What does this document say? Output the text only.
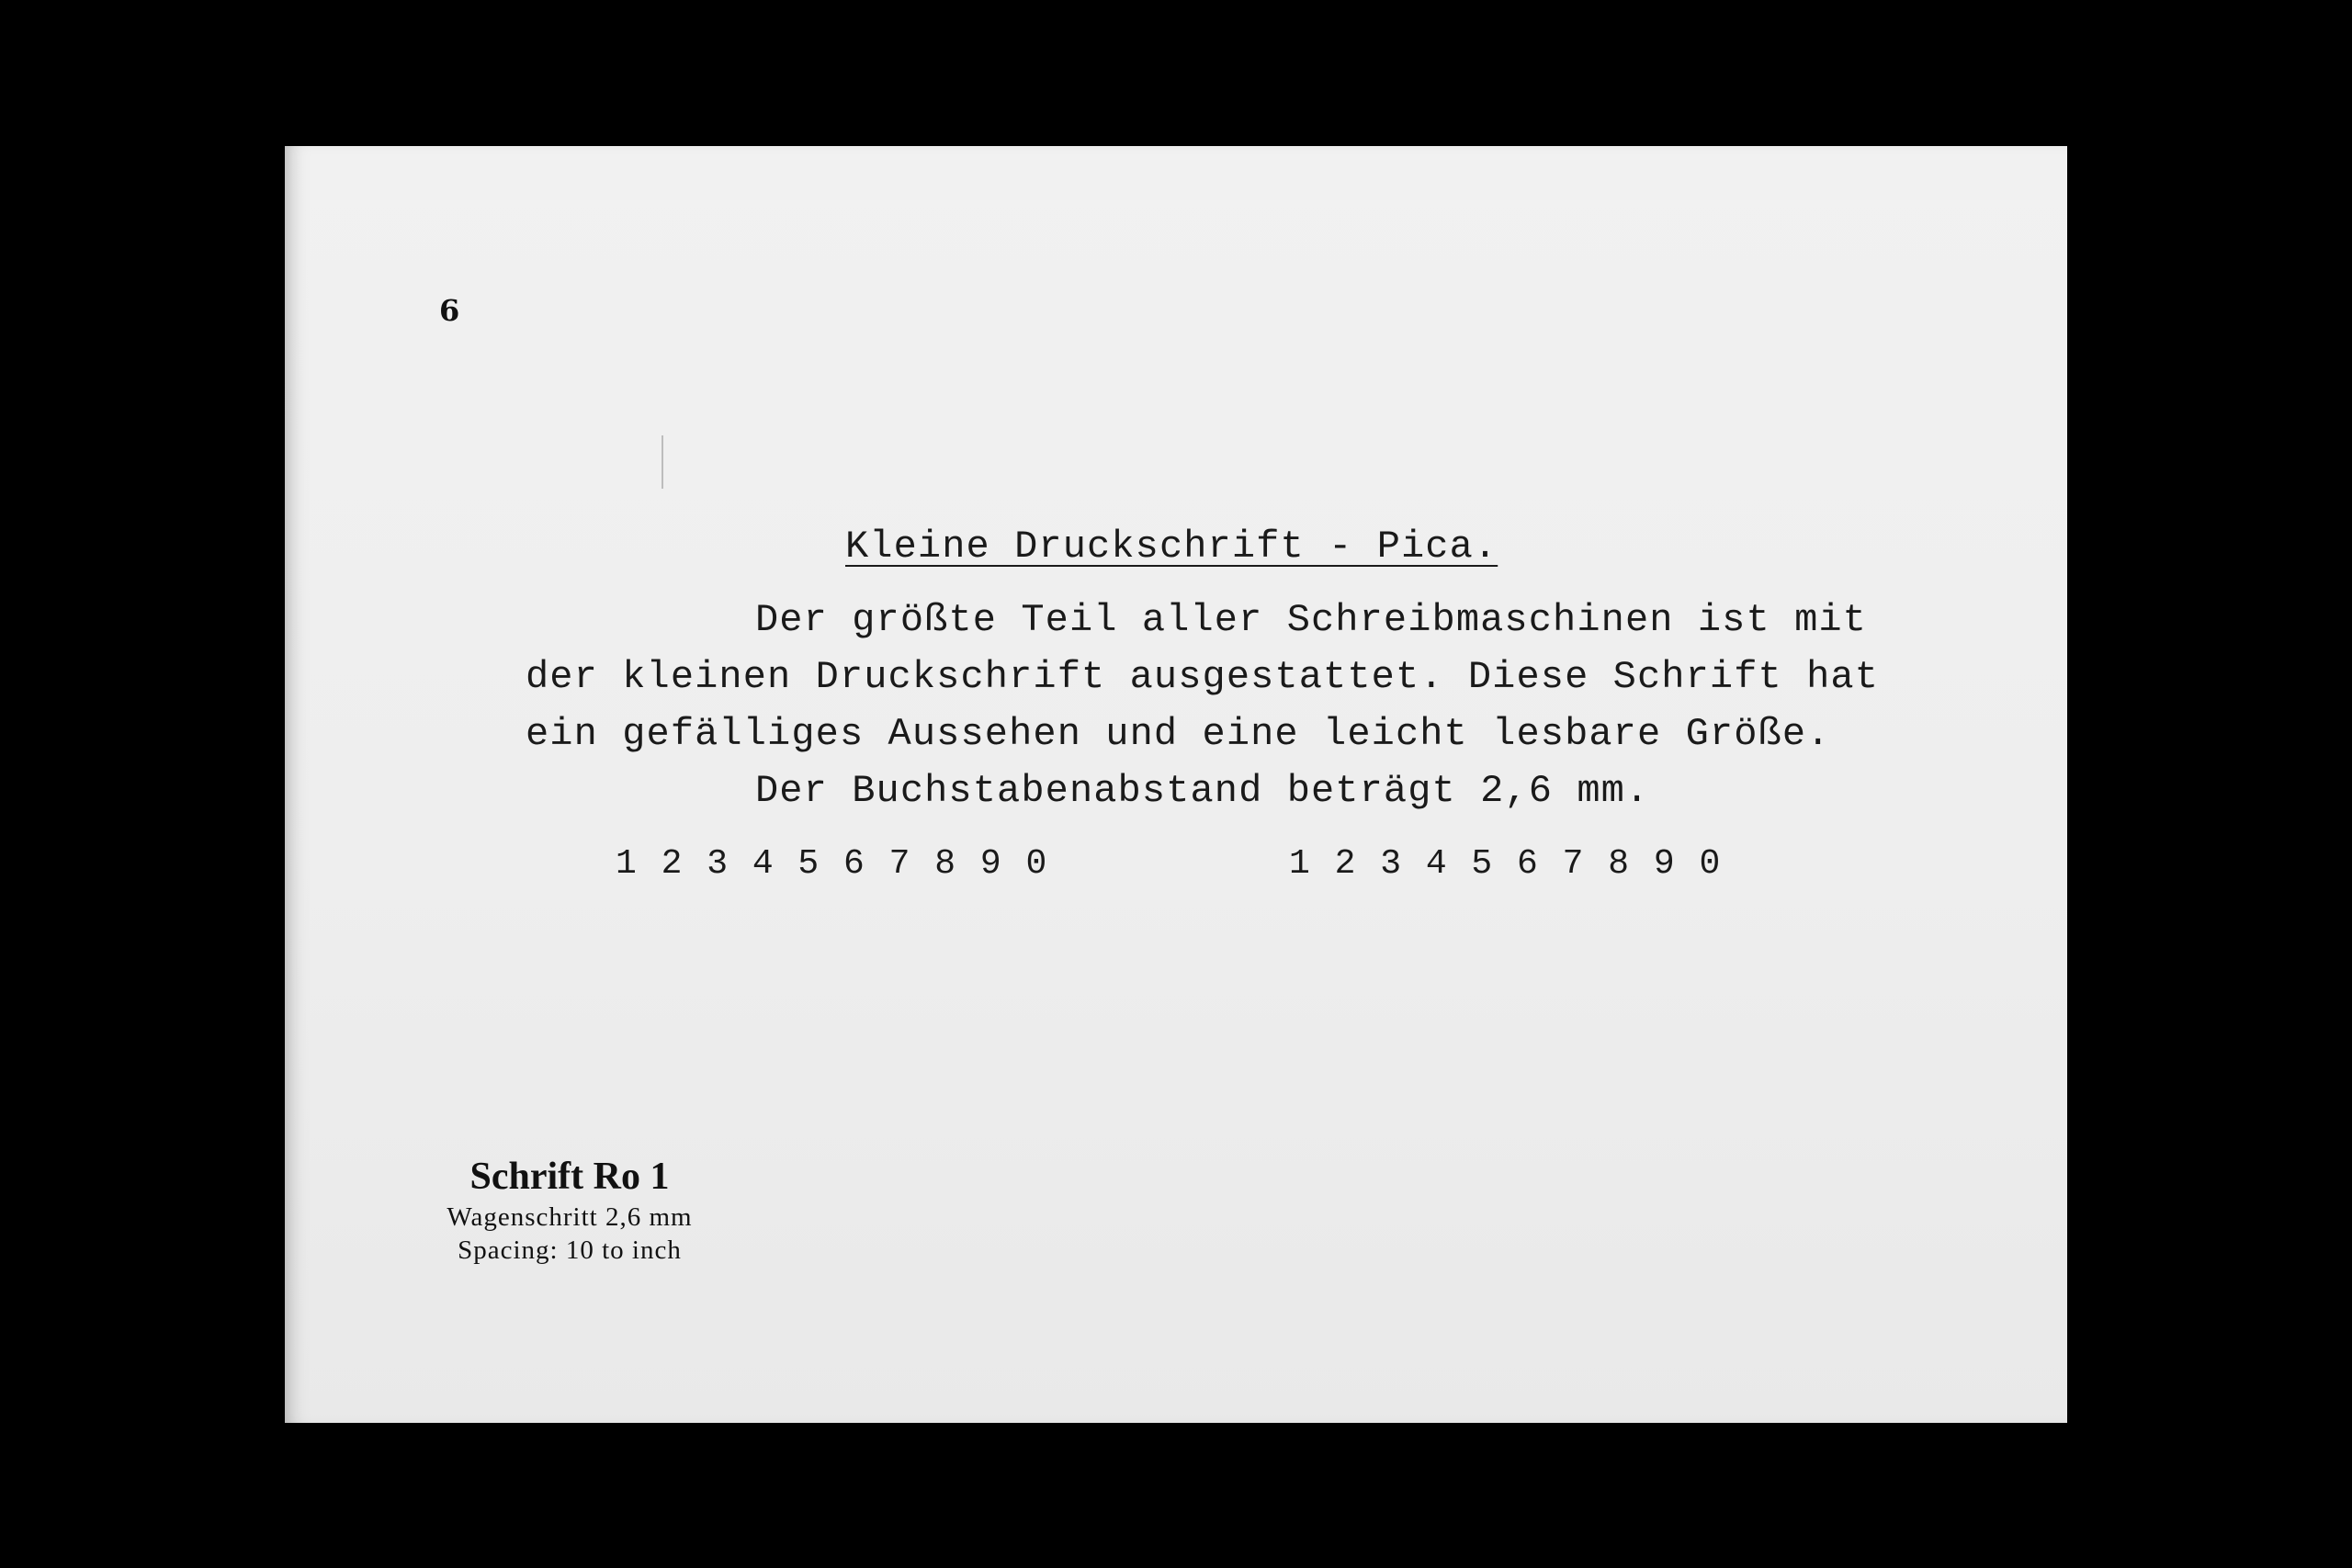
6
Kleine Druckschrift - Pica.
Der größte Teil aller Schreibmaschinen ist mit
der kleinen Druckschrift ausgestattet. Diese Schrift hat
ein gefälliges Aussehen und eine leicht lesbare Größe.
Der Buchstabenabstand beträgt 2,6 mm.
1 2 3 4 5 6 7 8 9 0	1 2 3 4 5 6 7 8 9 0
Schrift Ro 1
Wagenschritt 2,6 mm
Spacing: 10 to inch
